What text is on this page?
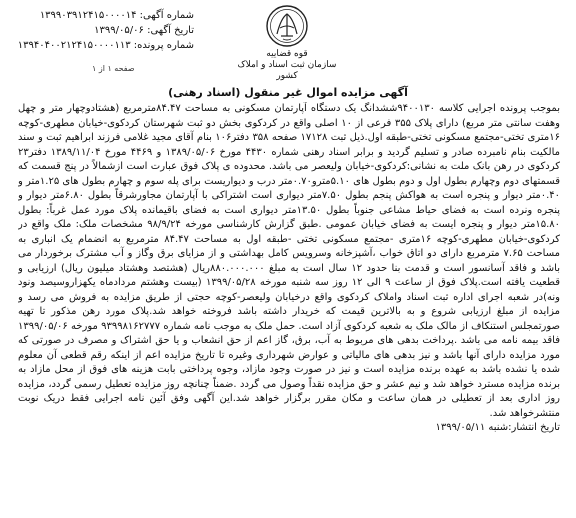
شماره آگهی: ۱۳۹۹۰۳۹۱۲۴۱۵۰۰۰۰۱۴
تاریخ آگهی: ۱۳۹۹/۰۵/۰۶
شماره پرونده: ۱۳۹۴۰۴۰۰۲۱۲۴۱۵۰۰۰۰۱۱۳
صفحه ۱ از ۱
قوه قضاییه
سازمان ثبت اسناد و املاک کشور
آگهی مزایده اموال غیر منقول (اسناد رهنی)
بموجب پرونده اجرایی کلاسه ۹۴۰۰۱۳۰ششدانگ یک دستگاه آپارتمان مسکونی به مساحت ۸۴.۴۷مترمربع (هشتادوچهار متر و چهل وهفت سانتی متر مربع) دارای پلاک ۳۵۵ فرعی از ۱۰ اصلی واقع در کردکوی بخش دو ثبت شهرستان کردکوی-خیابان مطهری-کوچه ۱۶متری تختی-مجتمع مسکونی تختی-طبقه اول.ذیل ثبت ۱۷۱۲۸ صفحه ۳۵۸ دفتر۱۰۶ بنام آقای مجید غلامی فرزند ابراهیم ثبت و سند مالکیت بنام نامبرده صادر و تسلیم گردید و برابر اسناد رهنی شماره ۴۴۳۰ مورخ ۱۳۸۹/۰۵/۰۶ و ۴۴۶۹ مورخ ۱۳۸۹/۱۱/۰۴ دفتر۲۳ کردکوی در رهن بانک ملت به نشانی:کردکوی-خیابان ولیعصر می باشد. محدوده ی پلاک فوق عبارت است ازشمالاً در پنج قسمت که قسمتهای دوم وچهارم بطول اول و دوم بطول های ۵.۱۰مترو۰.۷۰متر درب و دیواریست برای پله سوم و چهارم بطول های ۱.۲۵متر و ۰.۴۰متر دیوار و پنجره است به هواکش پنجم بطول ۷.۵۰متر دیواری است اشتراکی با آپارتمان مجاورشرقاً بطول ۶.۸۰متر دیوار و پنجره ونرده است به فضای حیاط مشاعی جنوباً بطول ۱۳.۵۰متر دیواری است به فضای باقیمانده پلاک مورد عمل غرباً: بطول ۱۵.۸۰متر دیوار و پنجره ایست به فضای خیابان عمومی .طبق گزارش کارشناسی مورخه ۹۸/۹/۲۴ مشخصات ملک: ملک واقع در کردکوی-خیابان مطهری-کوچه ۱۶متری -مجتمع مسکونی تختی -طبقه اول به مساحت ۸۴.۴۷ مترمربع به انضمام یک انباری به مساحت ۷.۶۵ مترمربع دارای دو اتاق خواب ،آشپزخانه وسرویس کامل بهداشتی و از مزایای برق وگاز و آب مشترک برخوردار می باشد و فاقد آسانسور است و قدمت بنا حدود ۱۲ سال است به مبلغ ۸۸۰.۰۰۰.۰۰۰ریال (هشتصد وهشتاد میلیون ریال) ارزیابی و قطعیت یافته است.پلاک فوق از ساعت ۹ الی ۱۲ روز سه شنبه مورخه ۱۳۹۹/۰۵/۲۸ (بیست وهشتم مردادماه یکهزاروسیصد ونود ونه)در شعبه اجرای اداره ثبت اسناد واملاک کردکوی واقع درخیابان ولیعصر-کوچه حجتی از طریق مزایده به فروش می رسد و مزایده از مبلغ ارزیابی شروع و به بالاترین قیمت که خریدار داشته باشد فروخته خواهد شد.پلاک مورد رهن مذکور تا تهیه صورتمجلس استنکاف از مالک ملک به شعبه کردکوی آزاد است. حمل ملک به موجب نامه شماره ۹۳۹۹۸۱۶۲۷۷۷ مورخه ۱۳۹۹/۰۵/۰۶ فاقد بیمه نامه می باشد .پرداخت بدهی های مربوط به آب، برق، گاز اعم از حق انشعاب و یا حق اشتراک و مصرف در صورتی که مورد مزایده دارای آنها باشد و نیز بدهی های مالیاتی و عوارض شهرداری وغیره تا تاریخ مزایده اعم از اینکه رقم قطعی آن معلوم شده یا نشده باشد به عهده برنده مزایده است و نیز در صورت وجود مازاد، وجوه پرداختی بابت هزینه های فوق از محل مازاد به برنده مزایده مسترد خواهد شد و نیم عشر و حق مزایده نقداً وصول می گردد .ضمناً چنانچه روز مزایده تعطیل رسمی گردد، مزایده روز اداری بعد از تعطیلی در همان ساعت و مکان مقرر برگزار خواهد شد.این آگهی وفق آئین نامه اجرایی فقط دریک نوبت منتشرخواهد شد.
تاریخ انتشار:شنبه ۱۳۹۹/۰۵/۱۱
